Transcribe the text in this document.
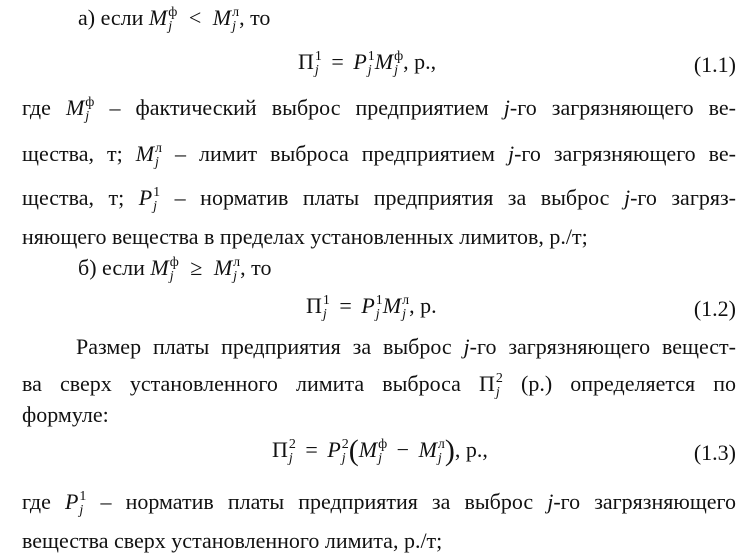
а) если M ф
j < M л
j , то
П 1
j = P 1
j M ф
j , р.,	(1.1)
где M ф
j – фактический выброс предприятием j-го загрязняющего ве-
щества, т; M л
j – лимит выброса предприятием j-го загрязняющего ве-
щества, т; P 1
j – норматив платы предприятия за выброс j-го загряз-
няющего вещества в пределах установленных лимитов, р./т;
б) если M ф
j ≥ M л
j , то
П 1
j = P 1
j M л
j , р.	(1.2)
Размер платы предприятия за выброс j-го загрязняющего вещест-
ва сверх установленного лимита выброса П 2
j (р.) определяется по
формуле:
П 2
j = P 2
j (M ф
j − M л
j ), р.,	(1.3)
где P 1
j – норматив платы предприятия за выброс j-го загрязняющего
вещества сверх установленного лимита, р./т;
